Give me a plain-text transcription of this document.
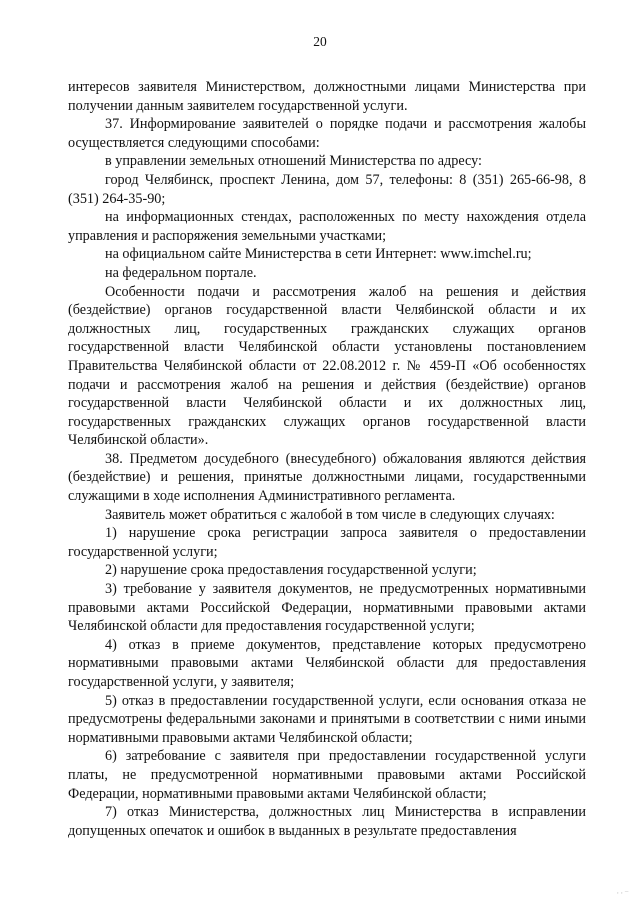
20

интересов заявителя Министерством, должностными лицами Министерства при получении данным заявителем государственной услуги.

37. Информирование заявителей о порядке подачи и рассмотрения жалобы осуществляется следующими способами:

в управлении земельных отношений Министерства по адресу:

город Челябинск, проспект Ленина, дом 57, телефоны: 8 (351) 265-66-98, 8 (351) 264-35-90;

на информационных стендах, расположенных по месту нахождения отдела управления и распоряжения земельными участками;

на официальном сайте Министерства в сети Интернет: www.imchel.ru;

на федеральном портале.

Особенности подачи и рассмотрения жалоб на решения и действия (бездействие) органов государственной власти Челябинской области и их должностных лиц, государственных гражданских служащих органов государственной власти Челябинской области установлены постановлением Правительства Челябинской области от 22.08.2012 г. № 459-П «Об особенностях подачи и рассмотрения жалоб на решения и действия (бездействие) органов государственной власти Челябинской области и их должностных лиц, государственных гражданских служащих органов государственной власти Челябинской области».

38. Предметом досудебного (внесудебного) обжалования являются действия (бездействие) и решения, принятые должностными лицами, государственными служащими в ходе исполнения Административного регламента.

Заявитель может обратиться с жалобой в том числе в следующих случаях:

1) нарушение срока регистрации запроса заявителя о предоставлении государственной услуги;

2) нарушение срока предоставления государственной услуги;

3) требование у заявителя документов, не предусмотренных нормативными правовыми актами Российской Федерации, нормативными правовыми актами Челябинской области для предоставления государственной услуги;

4) отказ в приеме документов, представление которых предусмотрено нормативными правовыми актами Челябинской области для предоставления государственной услуги, у заявителя;

5) отказ в предоставлении государственной услуги, если основания отказа не предусмотрены федеральными законами и принятыми в соответствии с ними иными нормативными правовыми актами Челябинской области;

6) затребование с заявителя при предоставлении государственной услуги платы, не предусмотренной нормативными правовыми актами Российской Федерации, нормативными правовыми актами Челябинской области;

7) отказ Министерства, должностных лиц Министерства в исправлении допущенных опечаток и ошибок в выданных в результате предоставления

··⁻
